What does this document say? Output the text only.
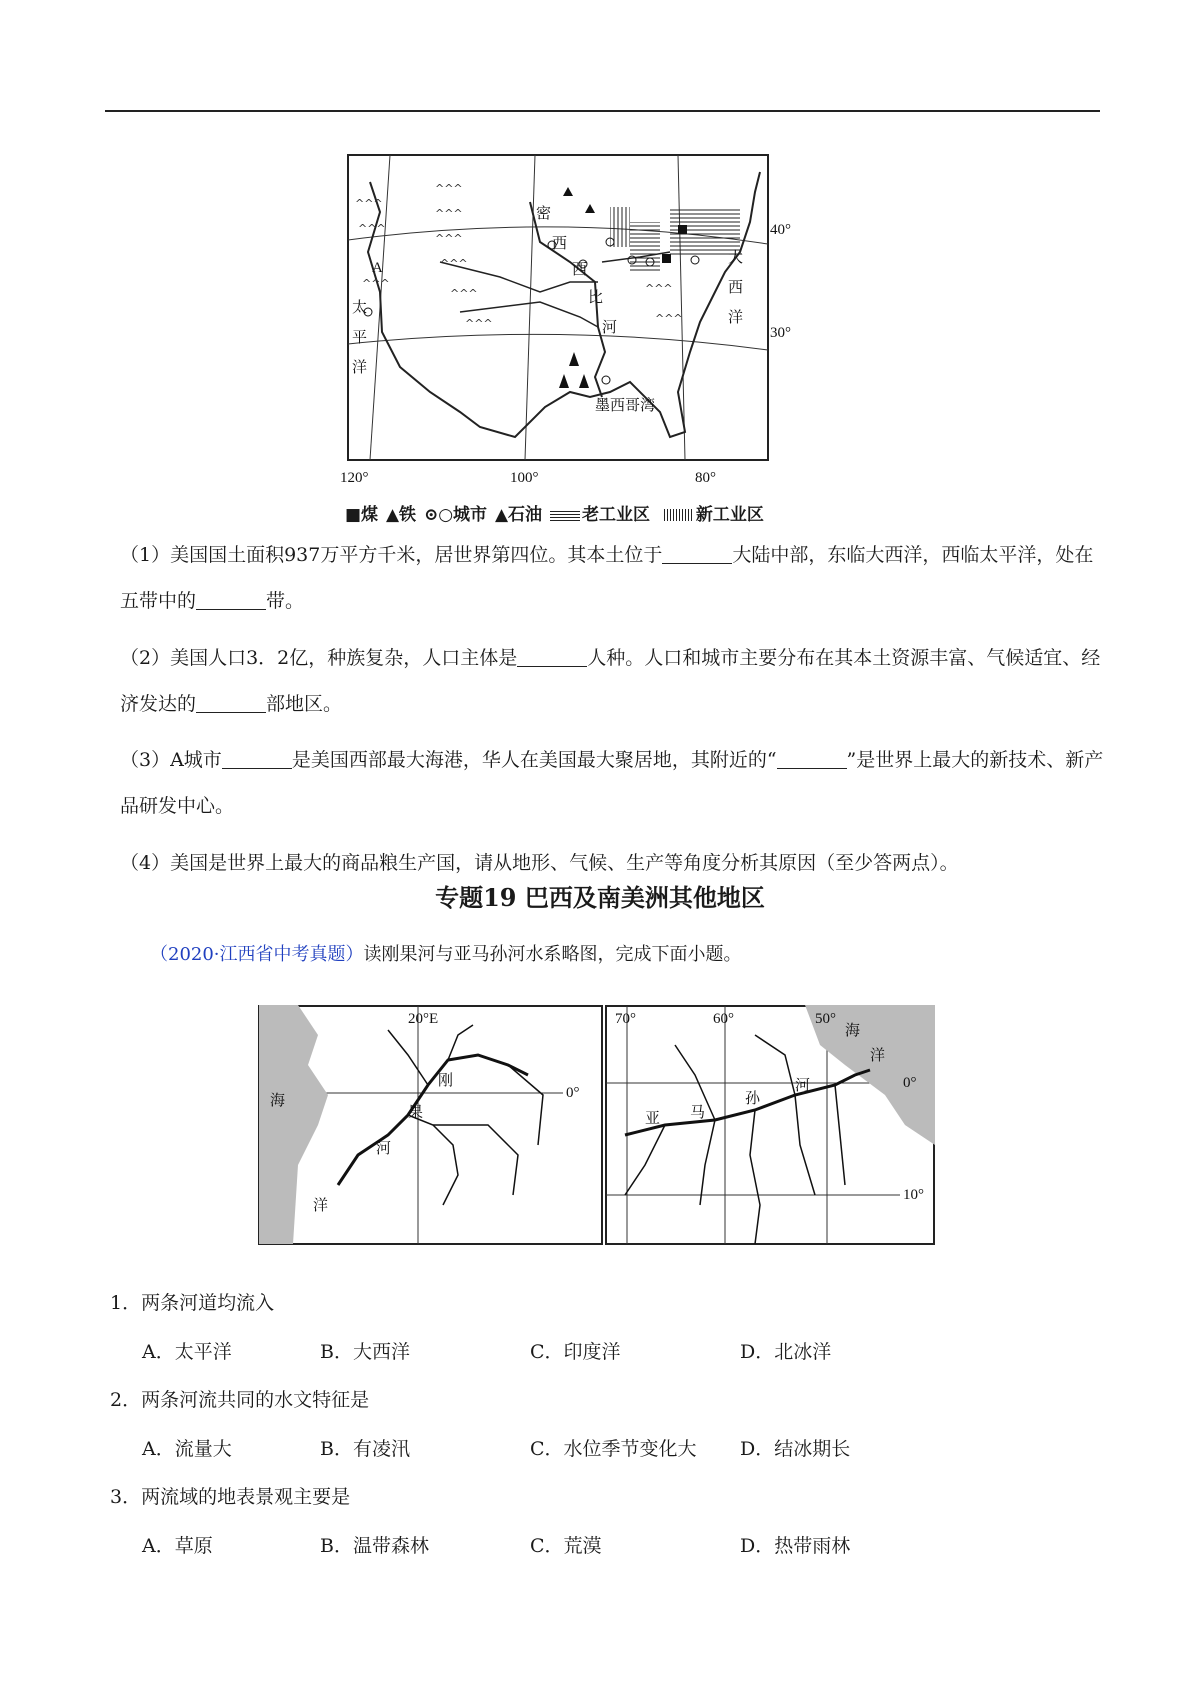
^^^
^^^
^^^
^^^
^^^
^^^
^^^
^^^
^^^
^^^
^^^
密
西
西
比
河
大
西
洋
太
平
洋
墨西哥湾
A
40°
30°
120°	100°	80°
■煤 ▲铁 ⊙○城市 ▲石油 老工业区	新工业区
（1）美国国土面积937万平方千米，居世界第四位。其本土位于	大陆中部，东临大西洋，西临太平洋，处在五带中的	带。
（2）美国人口3．2亿，种族复杂，人口主体是	人种。人口和城市主要分布在其本土资源丰富、气候适宜、经济发达的	部地区。
（3）A城市	是美国西部最大海港，华人在美国最大聚居地，其附近的“	”是世界上最大的新技术、新产品研发中心。
（4）美国是世界上最大的商品粮生产国，请从地形、气候、生产等角度分析其原因（至少答两点）。
专题19 巴西及南美洲其他地区
（2020·江西省中考真题）读刚果河与亚马孙河水系略图，完成下面小题。
20°E
0°
海
洋
刚
果
河
70°	60°	50°
0°
10°
亚 马
孙
河
海
洋
1．两条河道均流入
A．太平洋	B．大西洋	C．印度洋	D．北冰洋
2．两条河流共同的水文特征是
A．流量大	B．有凌汛	C．水位季节变化大 D．结冰期长
3．两流域的地表景观主要是
A．草原	B．温带森林	C．荒漠	D．热带雨林
